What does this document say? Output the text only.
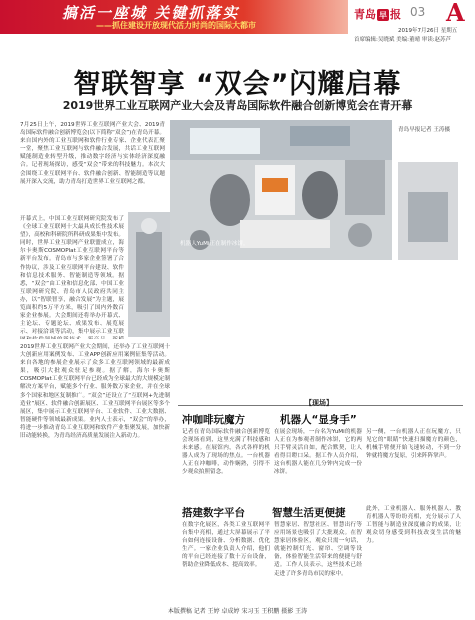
搞活一座城 关键抓落实
——抓住建设开放现代活力时尚的国际大都市
青岛 早 报 03 A
2019年7月26日 星期五
首席编辑:吴晓斌 美编:董晴 审读:赵苏芦
智联智享 “双会”闪耀启幕
2019世界工业互联网产业大会及青岛国际软件融合创新博览会在青开幕
7月25日上午，2019世界工业互联网产业大会、2019青岛国际软件融合创新博览会(以下简称“双会”)在青岛开幕。来自国内外的工业互联网和软件行业专家、企业代表汇聚一堂，聚焦工业互联网与软件融合发展，共话工业互联网赋能制造业转型升级，推动数字经济与实体经济深度融合。记者现场探访，感受“双会”带来的科技魅力。本次大会围绕工业互联网平台、软件融合创新、智能制造等议题展开深入交流，助力青岛打造世界工业互联网之都。
机器人YuMi正在制作冰饼。
青岛早报记者 王涛摄
开幕式上，中国工业互联网研究院发布了《全球工业互联网十大最具成长性技术展望》，高校和科研院所科研成果集中发布。同时，世界工业互联网产业联盟成立，海尔卡奥斯COSMOPlat工业互联网平台等新平台发布。青岛市与多家企业签署了合作协议，涉及工业互联网平台建设、软件和信息技术服务、智能制造等领域。据悉，“双会”由工业和信息化部、中国工业互联网研究院、青岛市人民政府共同主办，以“智联智享，融合发展”为主题，展览面积约5万平方米，吸引了国内外数百家企业参展。大会期间还将举办开幕式、主论坛、专题论坛、成果发布、展览展示、对接洽谈等活动，集中展示工业互联
2019世界工业互联网产业大会期间，还举办了工业互联网十大创新应用案例发布、工业APP创新应用案例征集等活动。来自各地的参展企业展示了众多工业互联网领域的最新成果，吸引大批观众驻足参观。据了解，海尔卡奥斯COSMOPlat工业互联网平台已经成为全球最大的大规模定制解决方案平台，赋能多个行业、服务数万家企业，并在全球多个国家和地区复制推广。“双会”还设立了“互联网+先进制造业”展区、软件融合创新展区、工业互联网平台展区等多个展区，集中展示工业互联网平台、工业软件、工业大数据、智能硬件等领域最新成果。业内人士表示，“双会”的举办，将进一步推动青岛工业互联网和软件产业集聚发展，加快新旧动能转换，为青岛经济高质量发展注入新动力。
【现场】
冲咖啡玩魔方	机器人“显身手”
记者在青岛国际软件融合创新博览会现场看到，这里充满了科技感和未来感。在展馆内，各式各样的机器人成为了现场的焦点。一台机器人正在冲咖啡，动作娴熟，引得不少观众拍照留念。
在展会现场，一台名为YuMi的机器人正在为参观者制作冰饼，它的两只手臂灵活自如，配合默契，让人看得目瞪口呆。据工作人员介绍，这台机器人能在几分钟内完成一份冰饼。
另一侧，一台机器人正在玩魔方，只见它的“眼睛”快速扫描魔方的颜色，机械手臂便开始飞速转动，不到一分钟就将魔方复原，引来阵阵掌声。
搭建数字平台	智慧生活更便捷
在数字化展区，各类工业互联网平台集中亮相，通过大屏幕展示了平台如何连接设备、分析数据、优化生产。一家企业负责人介绍，他们的平台已经连接了数十万台设备，帮助企业降低成本、提高效率。
智慧家居、智慧社区、智慧出行等应用场景也吸引了大批观众。在智慧家居体验区，观众只需一句话，就能控制灯光、窗帘、空调等设备，体验智能生活带来的便捷与舒适。工作人员表示，这些技术已经走进了许多青岛市民的家中。
此外，工业机器人、服务机器人、教育机器人等纷纷亮相，充分展示了人工智能与制造业深度融合的成果，让观众切身感受到科技改变生活的魅力。
本版撰稿 记者 王婷 卓成婷 宋习玉 王积鹏 摄影 王涛
